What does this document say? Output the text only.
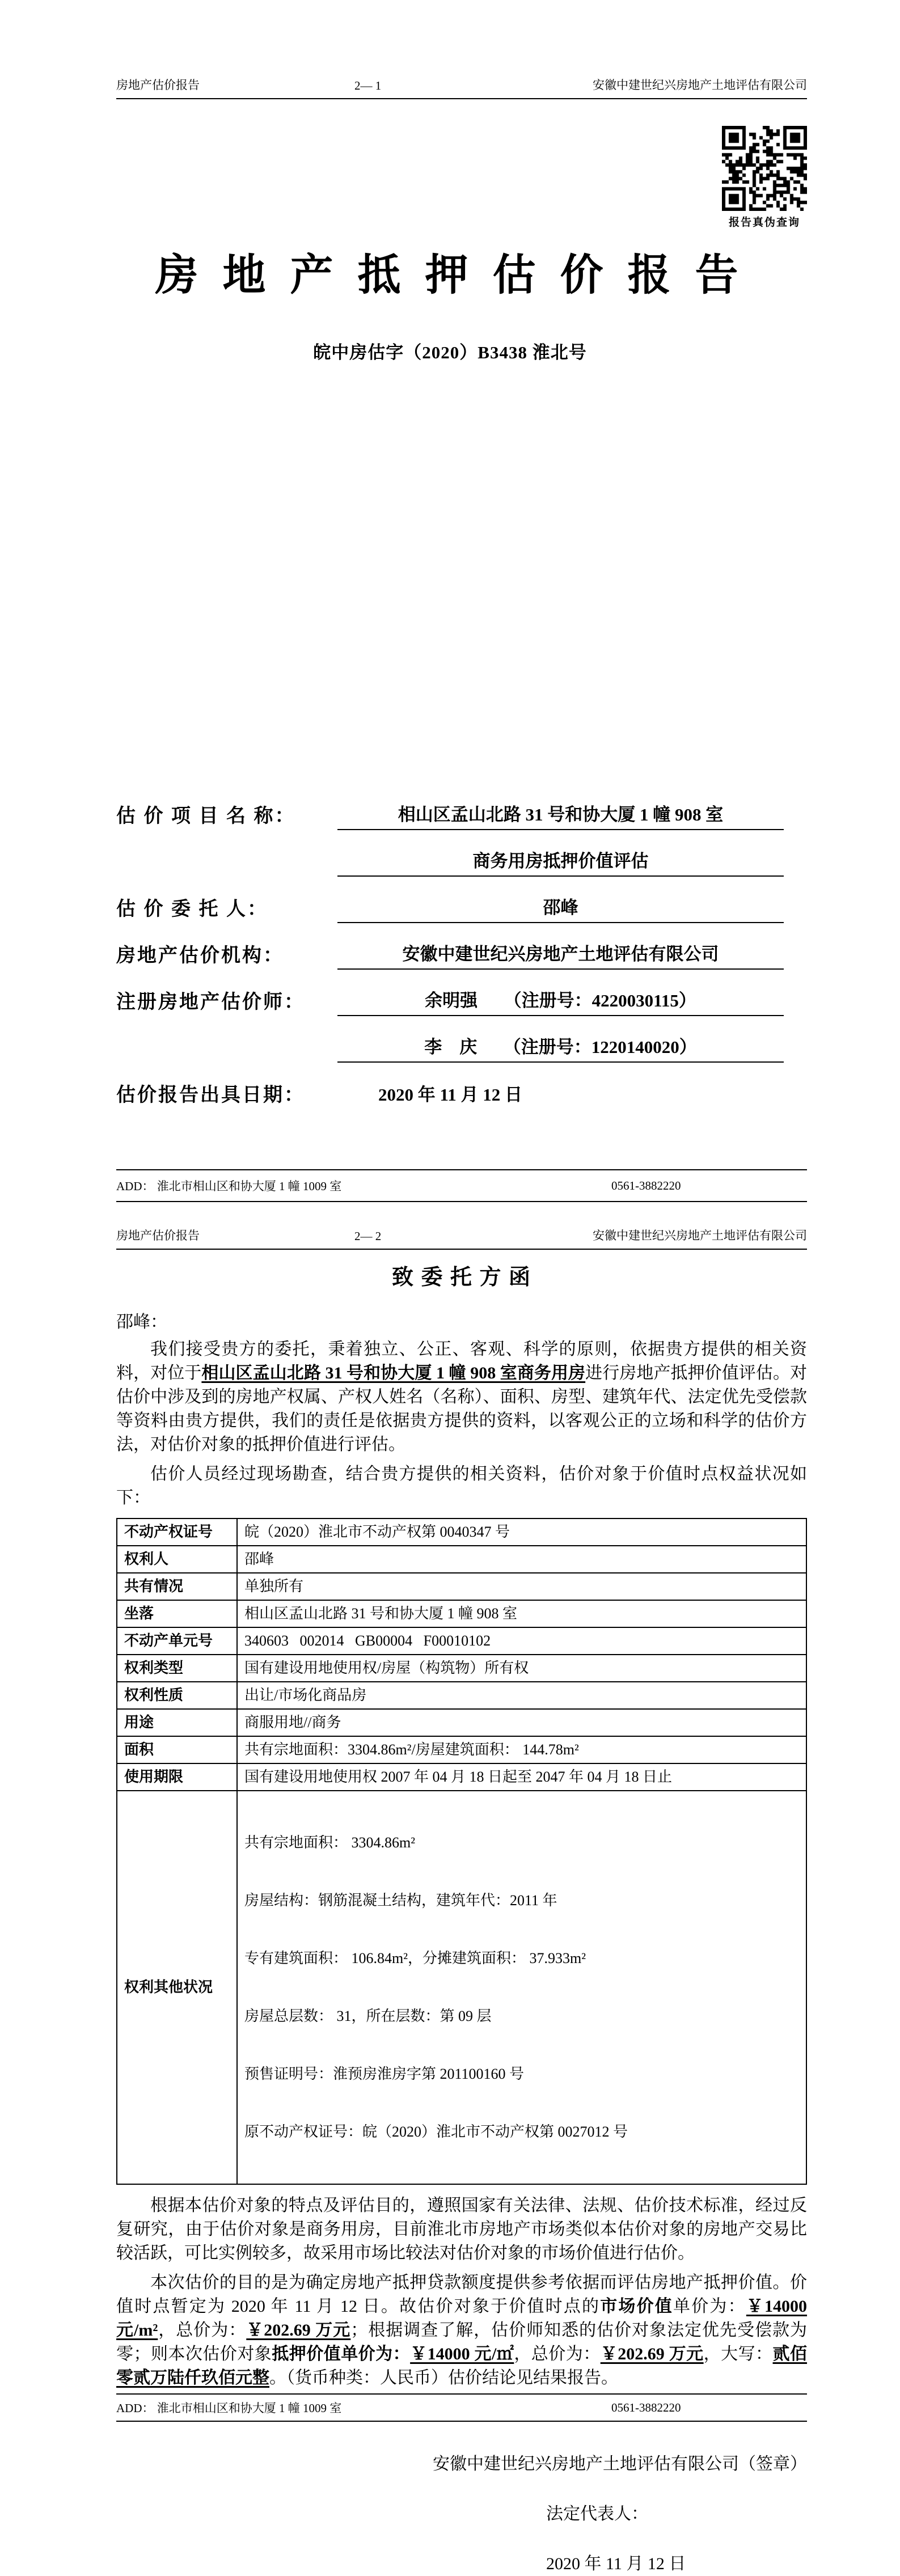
房地产估价报告	2— 1	安徽中建世纪兴房地产土地评估有限公司
报告真伪查询
房 地 产 抵 押 估 价 报 告
皖中房估字（2020）B3438 淮北号
估 价 项 目 名 称：	相山区孟山北路 31 号和协大厦 1 幢 908 室
商务用房抵押价值评估
估 价 委 托 人：	邵峰
房地产估价机构：	安徽中建世纪兴房地产土地评估有限公司
注册房地产估价师：	余明强　　（注册号：4220030115）
李　庆　　（注册号：1220140020）
估价报告出具日期：	2020 年 11 月 12 日
ADD： 淮北市相山区和协大厦 1 幢 1009 室	0561-3882220
房地产估价报告	2— 2	安徽中建世纪兴房地产土地评估有限公司
致 委 托 方 函
邵峰：

我们接受贵方的委托，秉着独立、公正、客观、科学的原则，依据贵方提供的相关资料，对位于相山区孟山北路 31 号和协大厦 1 幢 908 室商务用房进行房地产抵押价值评估。对估价中涉及到的房地产权属、产权人姓名（名称）、面积、房型、建筑年代、法定优先受偿款等资料由贵方提供，我们的责任是依据贵方提供的资料，以客观公正的立场和科学的估价方法，对估价对象的抵押价值进行评估。

估价人员经过现场勘查，结合贵方提供的相关资料，估价对象于价值时点权益状况如下：

不动产权证号	皖（2020）淮北市不动产权第 0040347 号
权利人	邵峰
共有情况	单独所有
坐落	相山区孟山北路 31 号和协大厦 1 幢 908 室
不动产单元号	340603   002014   GB00004   F00010102
权利类型	国有建设用地使用权/房屋（构筑物）所有权
权利性质	出让/市场化商品房
用途	商服用地//商务
面积	共有宗地面积：3304.86m²/房屋建筑面积： 144.78m²
使用期限	国有建设用地使用权 2007 年 04 月 18 日起至 2047 年 04 月 18 日止
权利其他状况	

共有宗地面积： 3304.86m²

房屋结构：钢筋混凝土结构，建筑年代：2011 年

专有建筑面积： 106.84m²，分摊建筑面积： 37.933m²

房屋总层数： 31，所在层数：第 09 层

预售证明号：淮预房淮房字第 201100160 号

原不动产权证号：皖（2020）淮北市不动产权第 0027012 号

根据本估价对象的特点及评估目的，遵照国家有关法律、法规、估价技术标准，经过反复研究，由于估价对象是商务用房，目前淮北市房地产市场类似本估价对象的房地产交易比较活跃，可比实例较多，故采用市场比较法对估价对象的市场价值进行估价。

本次估价的目的是为确定房地产抵押贷款额度提供参考依据而评估房地产抵押价值。价值时点暂定为 2020 年 11 月 12 日。故估价对象于价值时点的市场价值单价为：￥14000 元/m²，总价为：￥202.69 万元；根据调查了解，估价师知悉的估价对象法定优先受偿款为零；则本次估价对象抵押价值单价为：￥14000 元/㎡，总价为：￥202.69 万元，大写：贰佰零贰万陆仟玖佰元整。（货币种类：人民币）估价结论见结果报告。

安徽中建世纪兴房地产土地评估有限公司（签章）
法定代表人：
2020 年 11 月 12 日
ADD： 淮北市相山区和协大厦 1 幢 1009 室	0561-3882220
